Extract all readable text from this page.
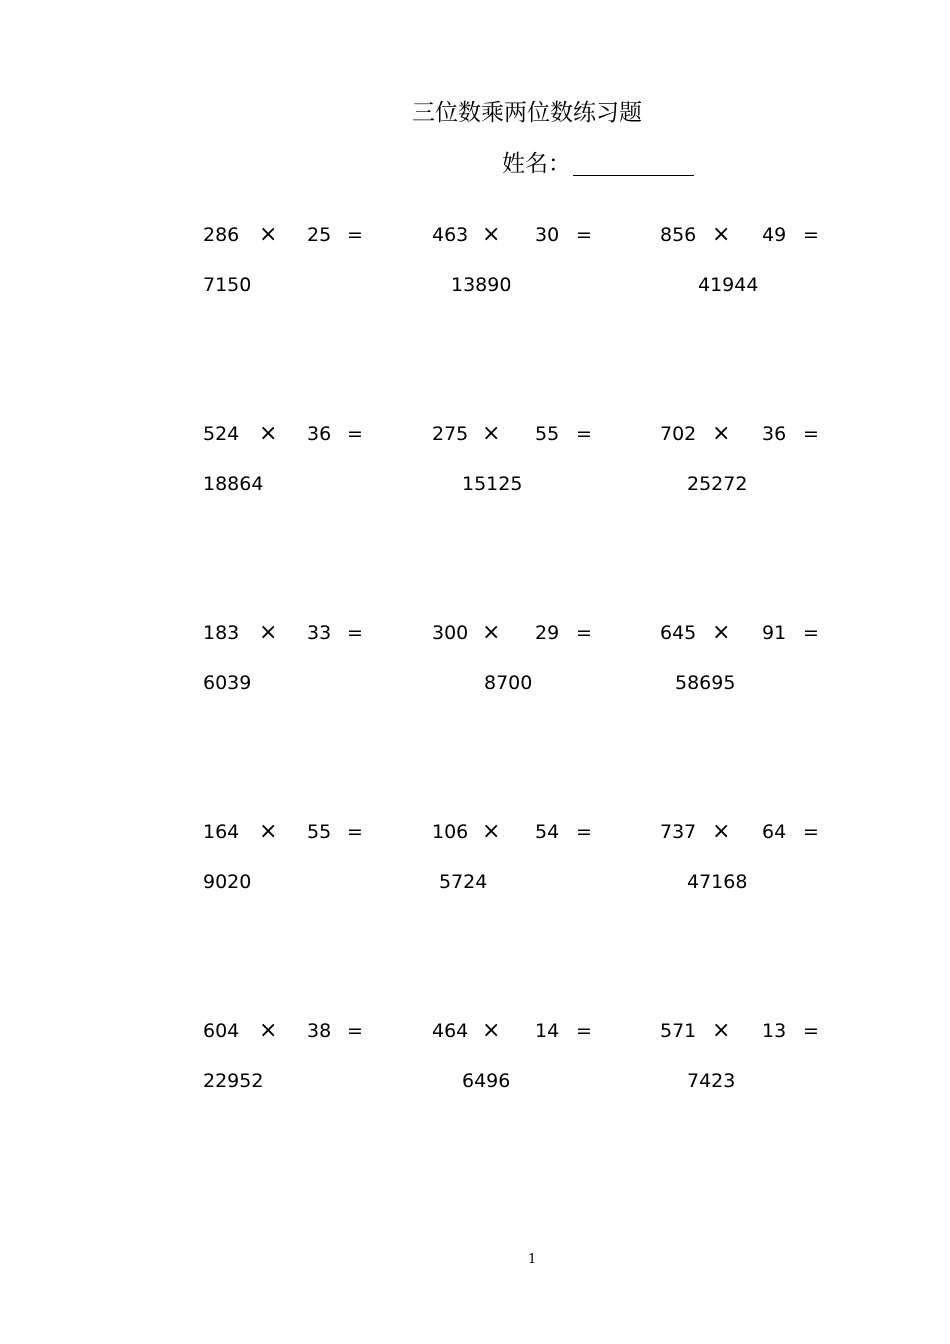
三位数乘两位数练习题
姓名：
286 × 25 =
7150
463 × 30 =
13890
856 × 49 =
41944
524 × 36 =
18864
275 × 55 =
15125
702 × 36 =
25272
183 × 33 =
6039
300 × 29 =
8700
645 × 91 =
58695
164 × 55 =
9020
106 × 54 =
5724
737 × 64 =
47168
604 × 38 =
22952
464 × 14 =
6496
571 × 13 =
7423
1
